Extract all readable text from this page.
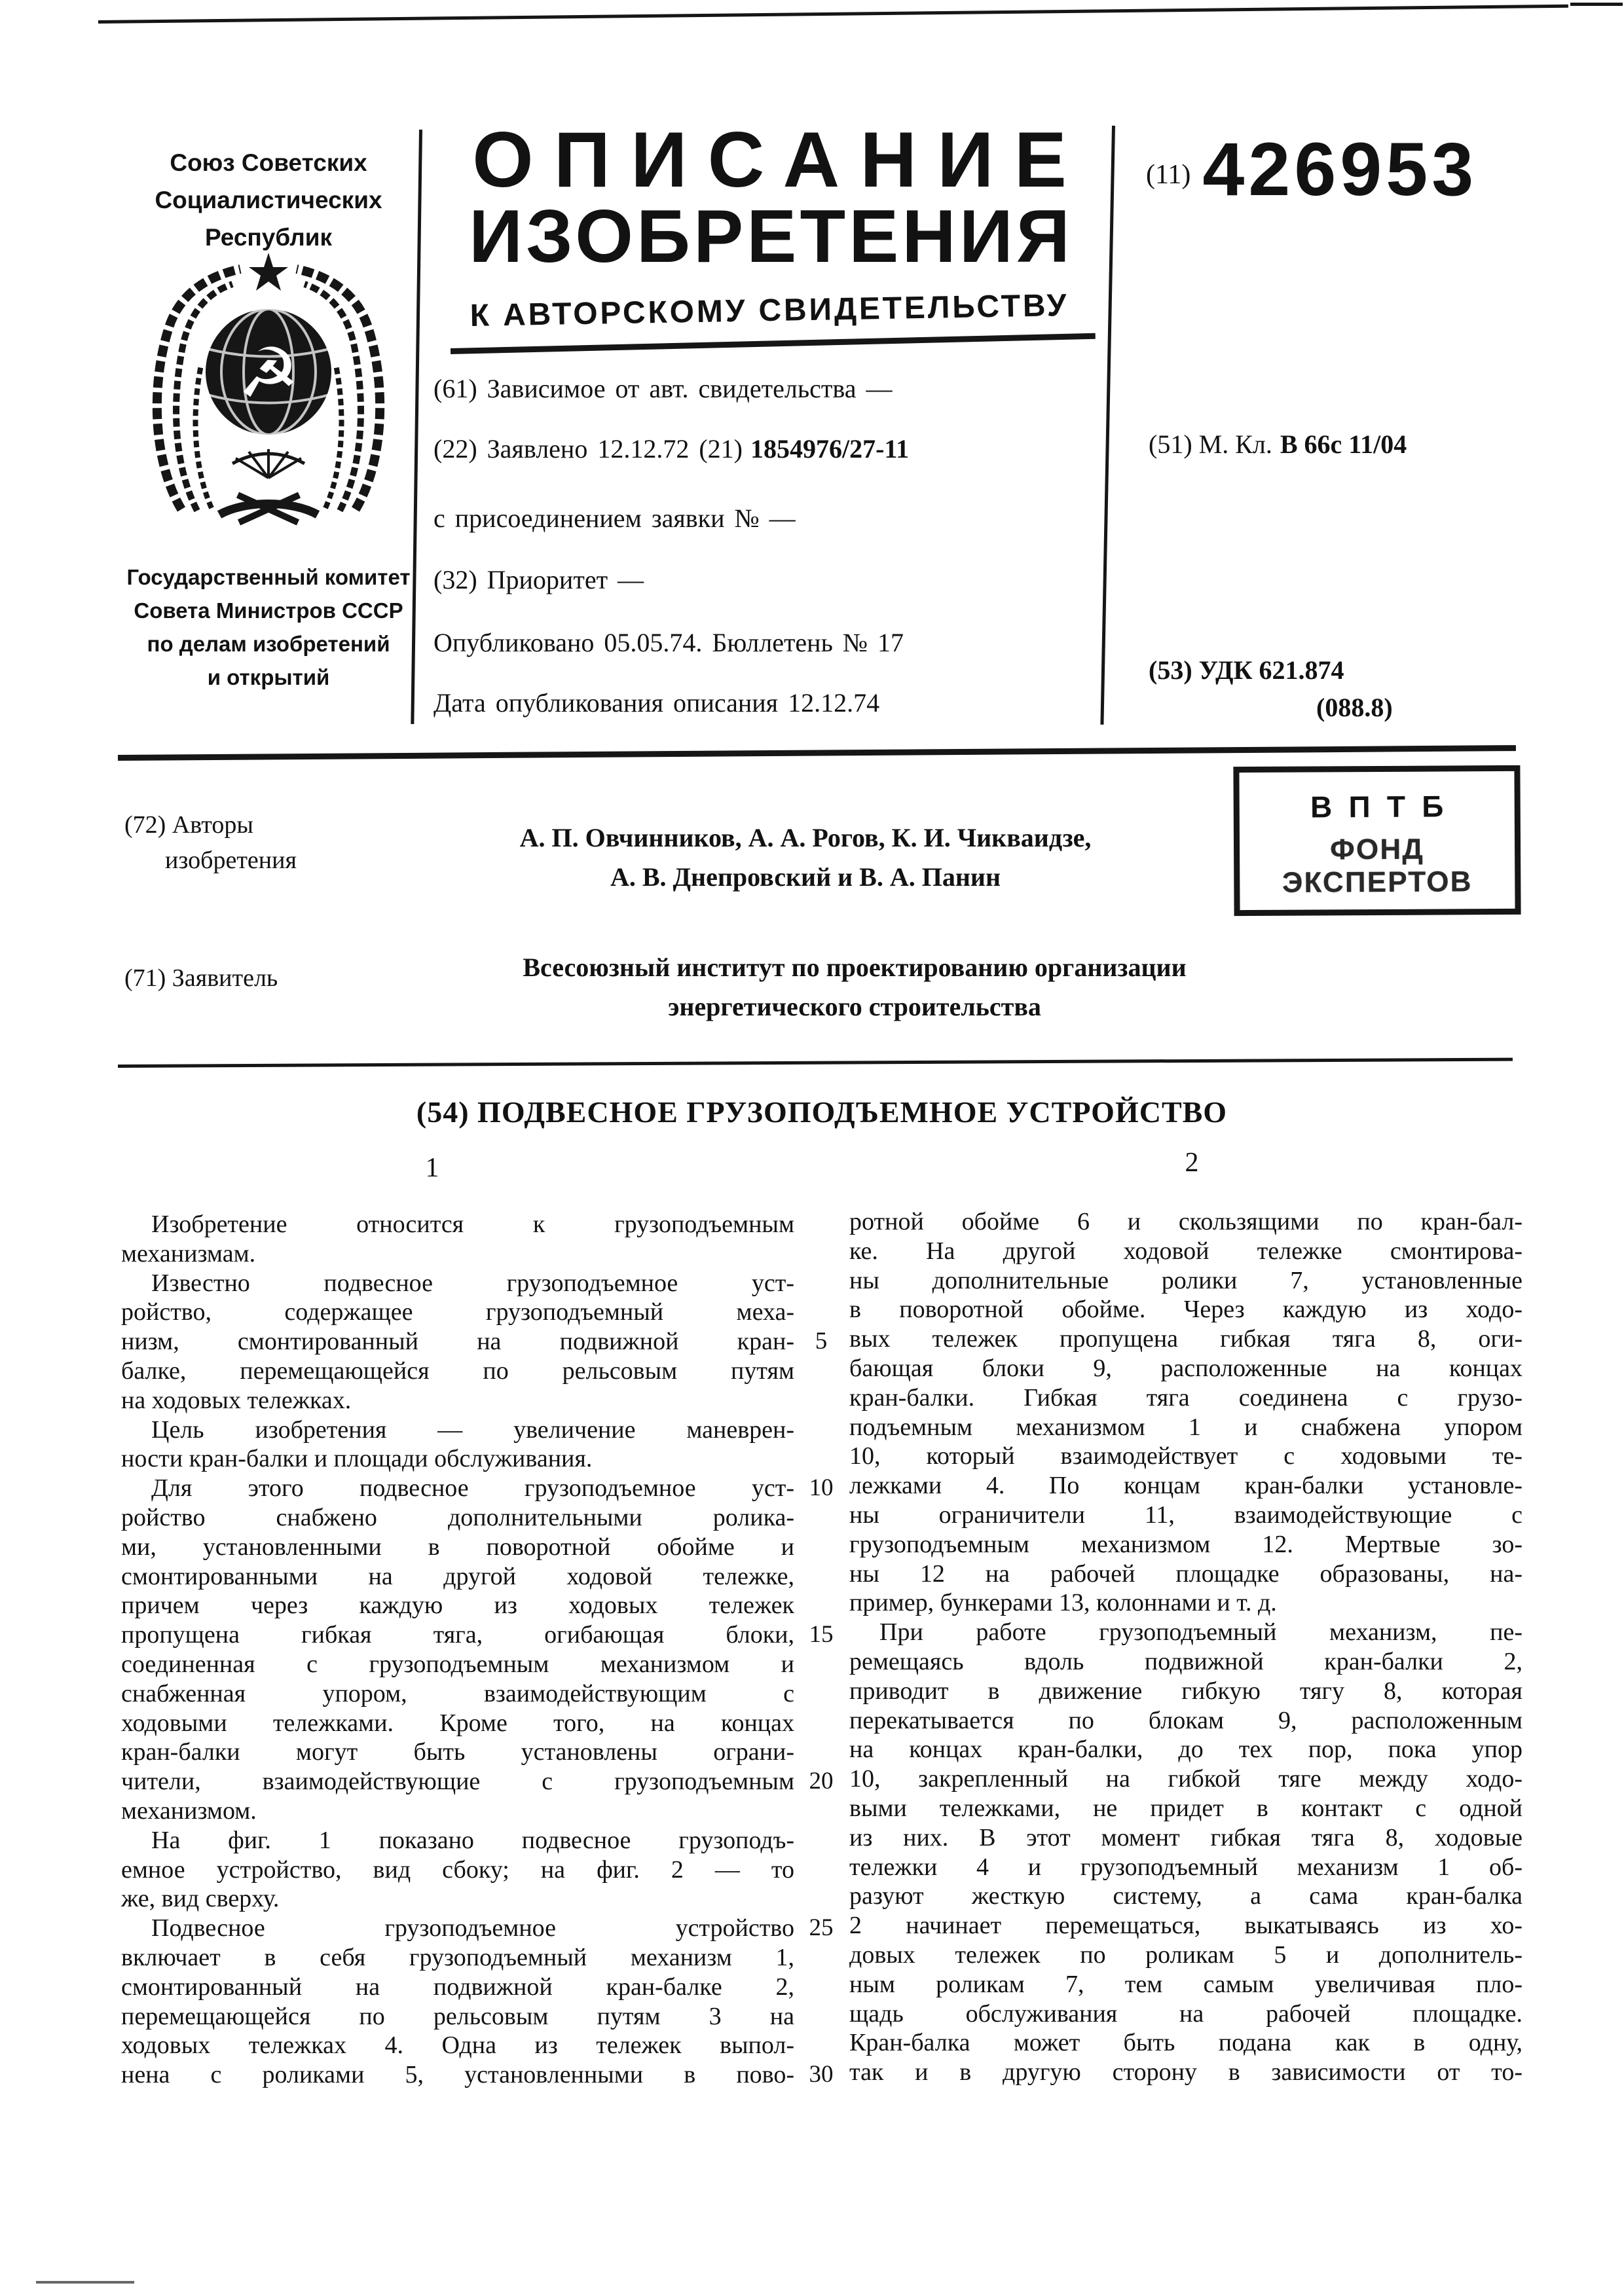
Союз Советских
Социалистических
Республик
☭
Государственный комитет
Совета Министров СССР
по делам изобретений
и открытий
ОПИСАНИЕ
ИЗОБРЕТЕНИЯ
К АВТОРСКОМУ СВИДЕТЕЛЬСТВУ
(61) Зависимое от авт. свидетельства —
(22) Заявлено 12.12.72 (21) 1854976/27-11
с присоединением заявки № —
(32) Приоритет —
Опубликовано 05.05.74. Бюллетень № 17
Дата опубликования описания 12.12.74
(11) 426953
(51) М. Кл. В 66с 11/04
(53) УДК 621.874
(088.8)
(72) Авторы
изобретения
А. П. Овчинников, А. А. Рогов, К. И. Чикваидзе,
А. В. Днепровский и В. А. Панин
ВПТБ
ФОНД ЭКСПЕРТОВ
(71) Заявитель	Всесоюзный институт по проектированию организации
энергетического строительства
(54) ПОДВЕСНОЕ ГРУЗОПОДЪЕМНОЕ УСТРОЙСТВО
1	2
Изобретение относится к грузоподъемным
механизмам.
Известно подвесное грузоподъемное уст-
ройство, содержащее грузоподъемный меха-
низм, смонтированный на подвижной кран-
балке, перемещающейся по рельсовым путям
на ходовых тележках.
Цель изобретения — увеличение маневрен-
ности кран-балки и площади обслуживания.
Для этого подвесное грузоподъемное уст-
ройство снабжено дополнительными ролика-
ми, установленными в поворотной обойме и
смонтированными на другой ходовой тележке,
причем через каждую из ходовых тележек
пропущена гибкая тяга, огибающая блоки,
соединенная с грузоподъемным механизмом и
снабженная упором, взаимодействующим с
ходовыми тележками. Кроме того, на концах
кран-балки могут быть установлены ограни-
чители, взаимодействующие с грузоподъемным
механизмом.
На фиг. 1 показано подвесное грузоподъ-
емное устройство, вид сбоку; на фиг. 2 — то
же, вид сверху.
Подвесное грузоподъемное устройство
включает в себя грузоподъемный механизм 1,
смонтированный на подвижной кран-балке 2,
перемещающейся по рельсовым путям 3 на
ходовых тележках 4. Одна из тележек выпол-
нена с роликами 5, установленными в пово-
5
10
15
20
25
30
ротной обойме 6 и скользящими по кран-бал-
ке. На другой ходовой тележке смонтирова-
ны дополнительные ролики 7, установленные
в поворотной обойме. Через каждую из ходо-
вых тележек пропущена гибкая тяга 8, оги-
бающая блоки 9, расположенные на концах
кран-балки. Гибкая тяга соединена с грузо-
подъемным механизмом 1 и снабжена упором
10, который взаимодействует с ходовыми те-
лежками 4. По концам кран-балки установле-
ны ограничители 11, взаимодействующие с
грузоподъемным механизмом 12. Мертвые зо-
ны 12 на рабочей площадке образованы, на-
пример, бункерами 13, колоннами и т. д.
При работе грузоподъемный механизм, пе-
ремещаясь вдоль подвижной кран-балки 2,
приводит в движение гибкую тягу 8, которая
перекатывается по блокам 9, расположенным
на концах кран-балки, до тех пор, пока упор
10, закрепленный на гибкой тяге между ходо-
выми тележками, не придет в контакт с одной
из них. В этот момент гибкая тяга 8, ходовые
тележки 4 и грузоподъемный механизм 1 об-
разуют жесткую систему, а сама кран-балка
2 начинает перемещаться, выкатываясь из хо-
довых тележек по роликам 5 и дополнитель-
ным роликам 7, тем самым увеличивая пло-
щадь обслуживания на рабочей площадке.
Кран-балка может быть подана как в одну,
так и в другую сторону в зависимости от то-
